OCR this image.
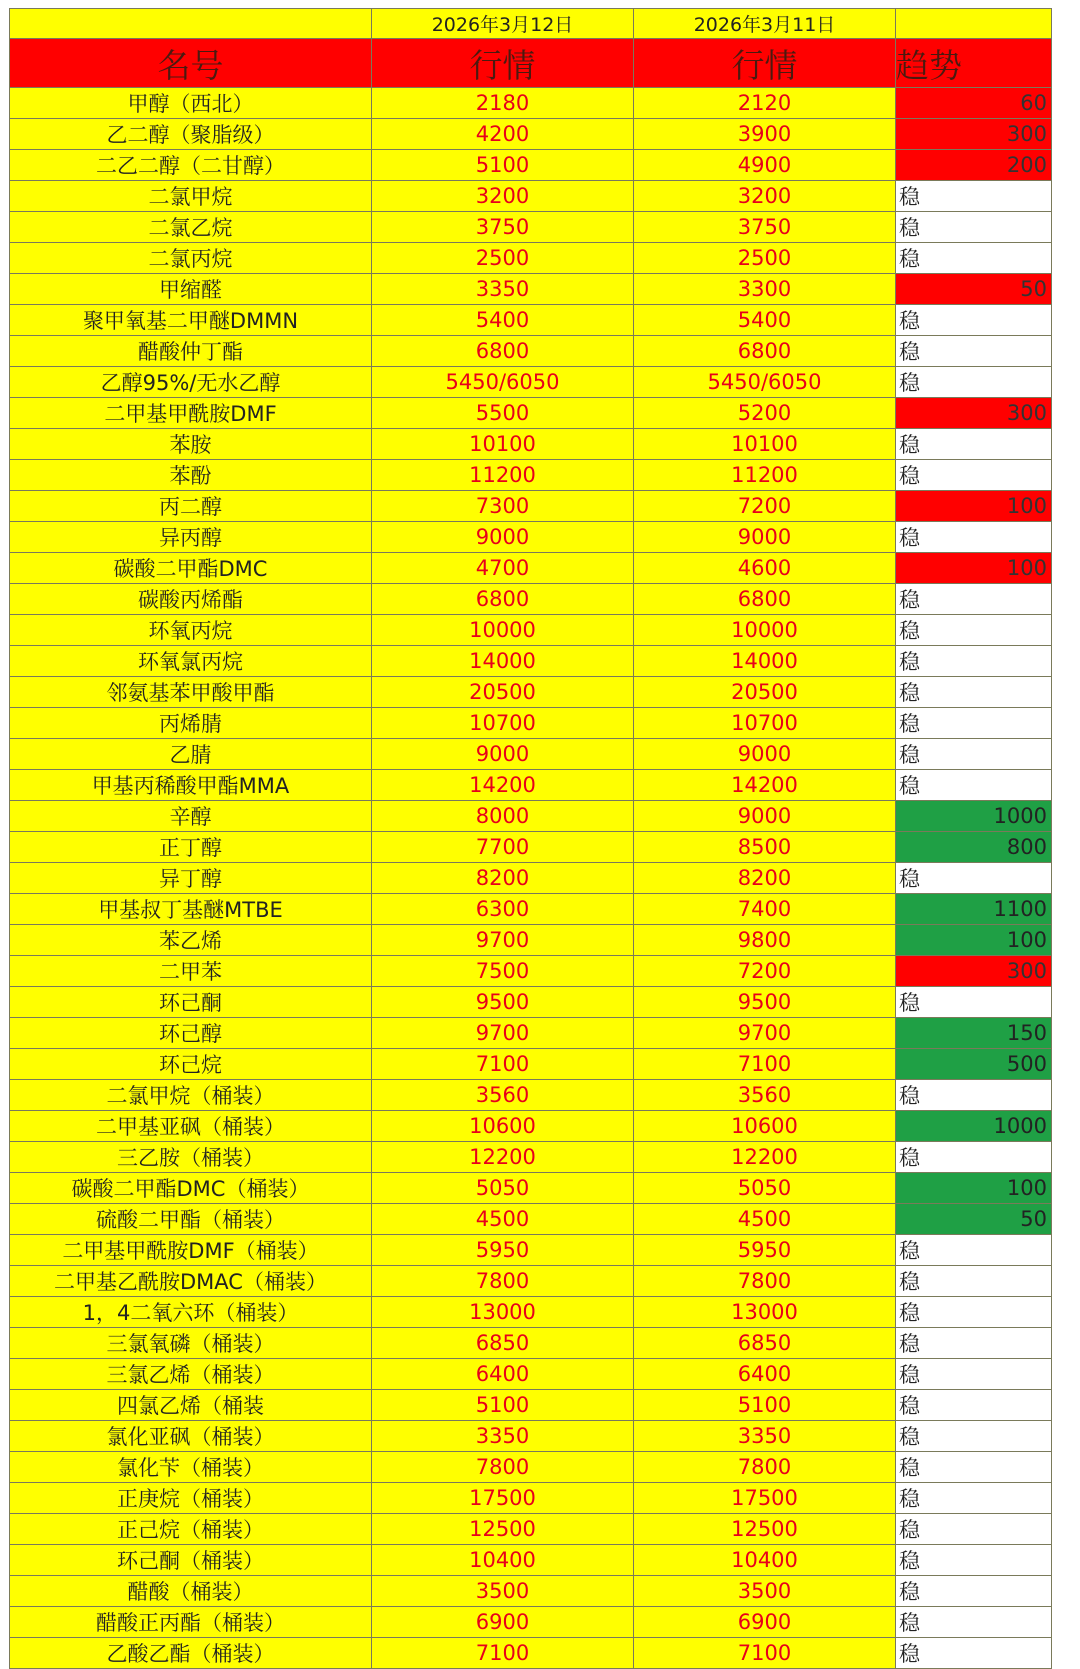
	2026年3月12日	2026年3月11日	
名号	行情	行情	趋势
甲醇（西北）	2180	2120	60
乙二醇（聚脂级）	4200	3900	300
二乙二醇（二甘醇）	5100	4900	200
二氯甲烷	3200	3200	稳
二氯乙烷	3750	3750	稳
二氯丙烷	2500	2500	稳
甲缩醛	3350	3300	50
聚甲氧基二甲醚DMMN	5400	5400	稳
醋酸仲丁酯	6800	6800	稳
乙醇95%/无水乙醇	5450/6050	5450/6050	稳
二甲基甲酰胺DMF	5500	5200	300
苯胺	10100	10100	稳
苯酚	11200	11200	稳
丙二醇	7300	7200	100
异丙醇	9000	9000	稳
碳酸二甲酯DMC	4700	4600	100
碳酸丙烯酯	6800	6800	稳
环氧丙烷	10000	10000	稳
环氧氯丙烷	14000	14000	稳
邻氨基苯甲酸甲酯	20500	20500	稳
丙烯腈	10700	10700	稳
乙腈	9000	9000	稳
甲基丙稀酸甲酯MMA	14200	14200	稳
辛醇	8000	9000	1000
正丁醇	7700	8500	800
异丁醇	8200	8200	稳
甲基叔丁基醚MTBE	6300	7400	1100
苯乙烯	9700	9800	100
二甲苯	7500	7200	300
环己酮	9500	9500	稳
环己醇	9700	9700	150
环己烷	7100	7100	500
二氯甲烷（桶装）	3560	3560	稳
二甲基亚砜（桶装）	10600	10600	1000
三乙胺（桶装）	12200	12200	稳
碳酸二甲酯DMC（桶装）	5050	5050	100
硫酸二甲酯（桶装）	4500	4500	50
二甲基甲酰胺DMF（桶装）	5950	5950	稳
二甲基乙酰胺DMAC（桶装）	7800	7800	稳
1，4二氧六环（桶装）	13000	13000	稳
三氯氧磷（桶装）	6850	6850	稳
三氯乙烯（桶装）	6400	6400	稳
四氯乙烯（桶装	5100	5100	稳
氯化亚砜（桶装）	3350	3350	稳
氯化苄（桶装）	7800	7800	稳
正庚烷（桶装）	17500	17500	稳
正己烷（桶装）	12500	12500	稳
环己酮（桶装）	10400	10400	稳
醋酸（桶装）	3500	3500	稳
醋酸正丙酯（桶装）	6900	6900	稳
乙酸乙酯（桶装）	7100	7100	稳
